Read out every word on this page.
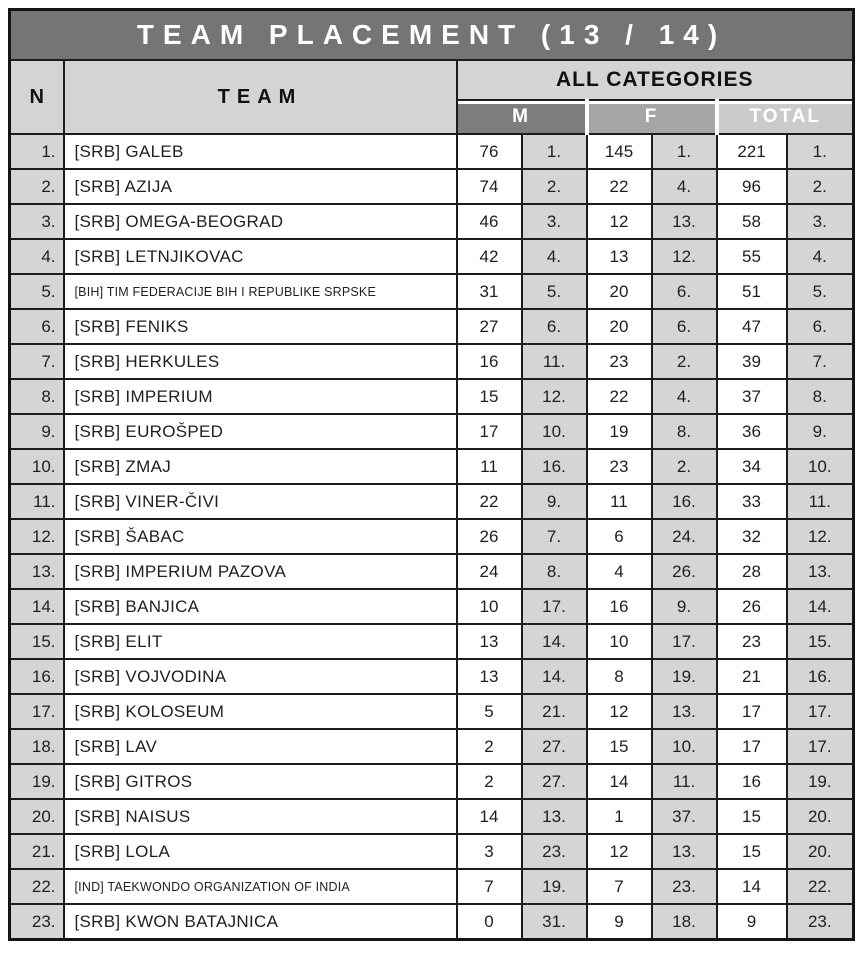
TEAM PLACEMENT (13 / 14)							
N	TEAM	ALL CATEGORIES					
		M		F		TOTAL	
1.	[SRB] GALEB	76	1.	145	1.	221	1.
2.	[SRB] AZIJA	74	2.	22	4.	96	2.
3.	[SRB] OMEGA-BEOGRAD	46	3.	12	13.	58	3.
4.	[SRB] LETNJIKOVAC	42	4.	13	12.	55	4.
5.	[BIH] TIM FEDERACIJE BIH I REPUBLIKE SRPSKE	31	5.	20	6.	51	5.
6.	[SRB] FENIKS	27	6.	20	6.	47	6.
7.	[SRB] HERKULES	16	11.	23	2.	39	7.
8.	[SRB] IMPERIUM	15	12.	22	4.	37	8.
9.	[SRB] EUROŠPED	17	10.	19	8.	36	9.
10.	[SRB] ZMAJ	11	16.	23	2.	34	10.
11.	[SRB] VINER-ČIVI	22	9.	11	16.	33	11.
12.	[SRB] ŠABAC	26	7.	6	24.	32	12.
13.	[SRB] IMPERIUM PAZOVA	24	8.	4	26.	28	13.
14.	[SRB] BANJICA	10	17.	16	9.	26	14.
15.	[SRB] ELIT	13	14.	10	17.	23	15.
16.	[SRB] VOJVODINA	13	14.	8	19.	21	16.
17.	[SRB] KOLOSEUM	5	21.	12	13.	17	17.
18.	[SRB] LAV	2	27.	15	10.	17	17.
19.	[SRB] GITROS	2	27.	14	11.	16	19.
20.	[SRB] NAISUS	14	13.	1	37.	15	20.
21.	[SRB] LOLA	3	23.	12	13.	15	20.
22.	[IND] TAEKWONDO ORGANIZATION OF INDIA	7	19.	7	23.	14	22.
23.	[SRB] KWON BATAJNICA	0	31.	9	18.	9	23.
